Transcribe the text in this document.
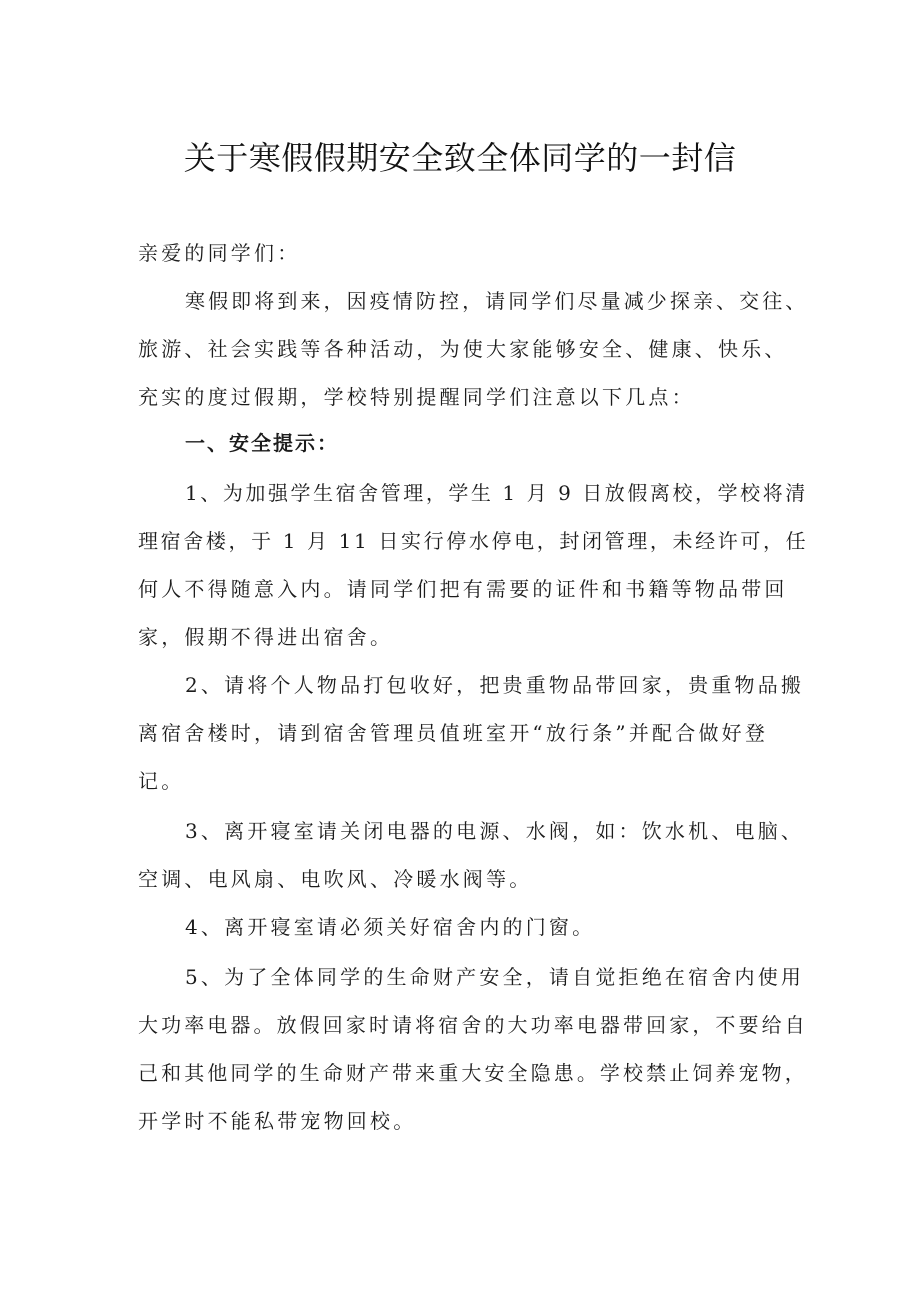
关于寒假假期安全致全体同学的一封信
亲爱的同学们：
寒假即将到来，因疫情防控，请同学们尽量减少探亲、交往、
旅游、社会实践等各种活动，为使大家能够安全、健康、快乐、
充实的度过假期，学校特别提醒同学们注意以下几点：
一、安全提示：
1、为加强学生宿舍管理，学生 1 月 9 日放假离校，学校将清
理宿舍楼，于 1 月 11 日实行停水停电，封闭管理，未经许可，任
何人不得随意入内。请同学们把有需要的证件和书籍等物品带回
家，假期不得进出宿舍。
2、请将个人物品打包收好，把贵重物品带回家，贵重物品搬
离宿舍楼时，请到宿舍管理员值班室开“放行条”并配合做好登
记。
3、离开寝室请关闭电器的电源、水阀，如：饮水机、电脑、
空调、电风扇、电吹风、冷暖水阀等。
4、离开寝室请必须关好宿舍内的门窗。
5、为了全体同学的生命财产安全，请自觉拒绝在宿舍内使用
大功率电器。放假回家时请将宿舍的大功率电器带回家，不要给自
己和其他同学的生命财产带来重大安全隐患。学校禁止饲养宠物，
开学时不能私带宠物回校。
